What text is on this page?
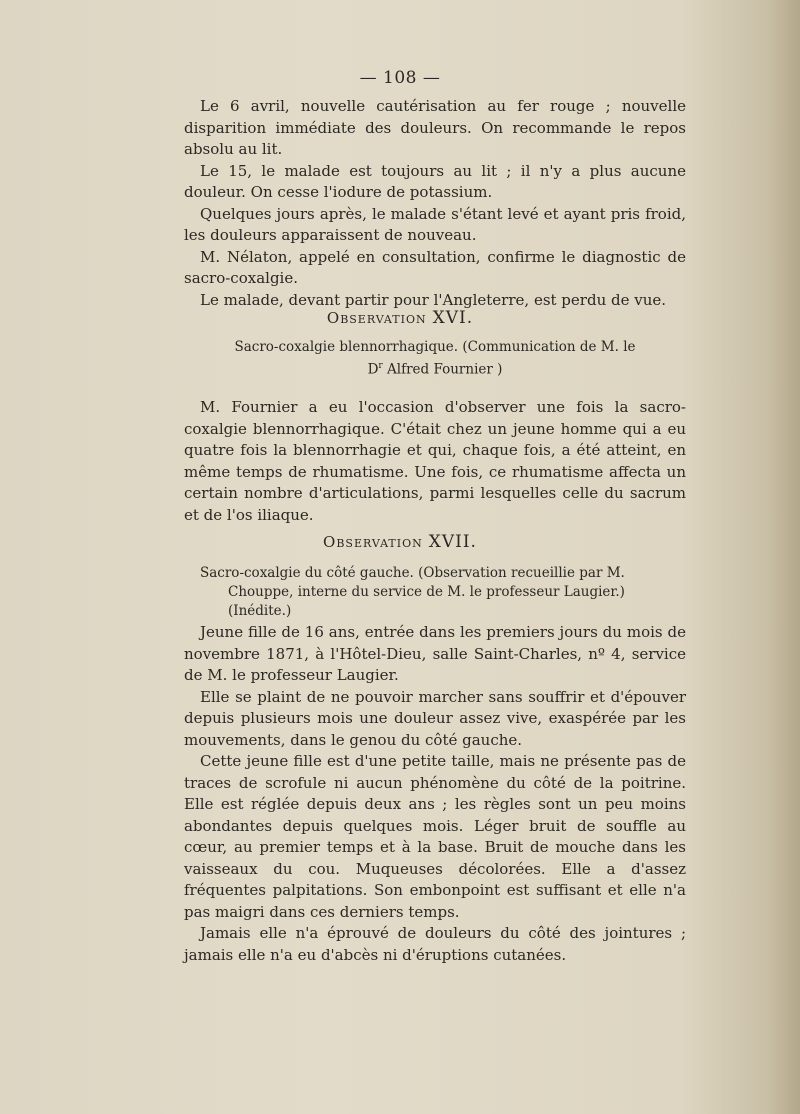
— 108 —

Le 6 avril, nouvelle cautérisation au fer rouge ; nouvelle disparition immédiate des douleurs. On recommande le repos absolu au lit.

Le 15, le malade est toujours au lit ; il n'y a plus aucune douleur. On cesse l'iodure de potassium.

Quelques jours après, le malade s'étant levé et ayant pris froid, les douleurs apparaissent de nouveau.

M. Nélaton, appelé en consultation, confirme le diagnostic de sacro-coxalgie.

Le malade, devant partir pour l'Angleterre, est perdu de vue.

Observation XVI.
Sacro-coxalgie blennorrhagique. (Communication de M. le
$D^r$ Alfred Fournier )

M. Fournier a eu l'occasion d'observer une fois la sacro-coxalgie blennorrhagique. C'était chez un jeune homme qui a eu quatre fois la blennorrhagie et qui, chaque fois, a été atteint, en même temps de rhumatisme. Une fois, ce rhumatisme affecta un certain nombre d'articulations, parmi lesquelles celle du sacrum et de l'os iliaque.

Observation XVII.
Sacro-coxalgie du côté gauche. (Observation recueillie par M. Chouppe, interne du service de M. le professeur Laugier.) (Inédite.)

Jeune fille de 16 ans, entrée dans les premiers jours du mois de novembre 1871, à l'Hôtel-Dieu, salle Saint-Charles, nº 4, service de M. le professeur Laugier.

Elle se plaint de ne pouvoir marcher sans souffrir et d'épouver depuis plusieurs mois une douleur assez vive, exaspérée par les mouvements, dans le genou du côté gauche.

Cette jeune fille est d'une petite taille, mais ne présente pas de traces de scrofule ni aucun phénomène du côté de la poitrine. Elle est réglée depuis deux ans ; les règles sont un peu moins abondantes depuis quelques mois. Léger bruit de souffle au cœur, au premier temps et à la base. Bruit de mouche dans les vaisseaux du cou. Muqueuses décolorées. Elle a d'assez fréquentes palpitations. Son embonpoint est suffisant et elle n'a pas maigri dans ces derniers temps.

Jamais elle n'a éprouvé de douleurs du côté des jointures ; jamais elle n'a eu d'abcès ni d'éruptions cutanées.
